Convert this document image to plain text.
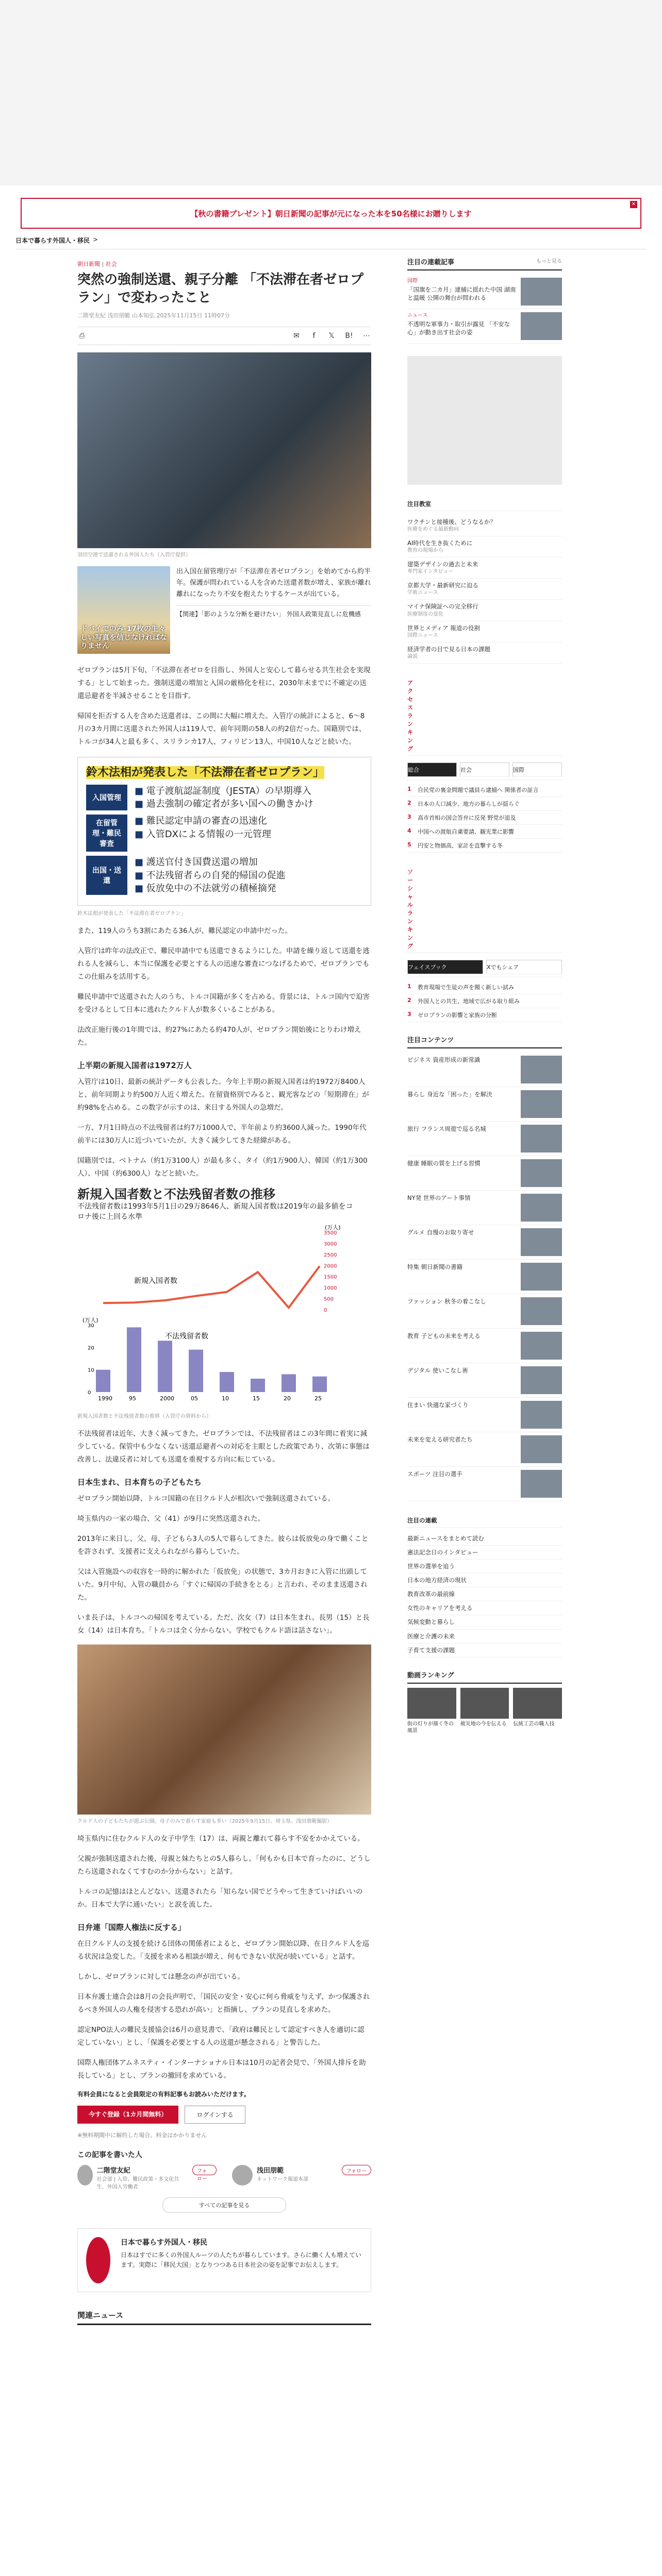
【秋の書籍プレゼント】朝日新聞の記事が元になった本を50名様にお贈りします
✕
日本で暮らす外国人・移民 >
朝日新聞 | 社会
突然の強制送還、親子分離 「不法滞在者ゼロプラン」で変わったこと
二階堂友紀 浅田朋範 山本知弘 2025年11月15日 11時07分
⎙	✉	f	𝕏 B! ⋯
羽田空港で送還される外国人たち（入管庁提供）
ドバイでのみ-17枚の生々しい写真を信じなければなりません
出入国在留管理庁が「不法滞在者ゼロプラン」を始めてから約半年。保護が問われている人を含めた送還者数が増え、家族が離れ離れになったり不安を抱えたりするケースが出ている。
【関連】「影のような分断を避けたい」 外国人政策見直しに危機感

ゼロプランは5月下旬、「不法滞在者ゼロを目指し、外国人と安心して暮らせる共生社会を実現する」として始まった。強制送還の増加と入国の厳格化を柱に、2030年末までに不確定の送還忌避者を半減させることを目指す。

帰国を拒否する人を含めた送還者は、この間に大幅に増えた。入管庁の統計によると、6～8月の3カ月間に送還された外国人は119人で、前年同期の58人の約2倍だった。国籍別では、トルコが34人と最も多く、スリランカ17人、フィリピン13人、中国10人などと続いた。

鈴木法相が発表した「不法滞在者ゼロプラン」
入国管理
■ 電子渡航認証制度（JESTA）の早期導入
■ 過去強制の確定者が多い国への働きかけ
在留管理・難民審査
■ 難民認定申請の審査の迅速化
■ 入管DXによる情報の一元管理
出国・送還
■ 護送官付き国費送還の増加
■ 不法残留者らの自発的帰国の促進
■ 仮放免中の不法就労の積極摘発
鈴木法相が発表した「不法滞在者ゼロプラン」

また、119人のうち3割にあたる36人が、難民認定の申請中だった。

入管庁は昨年の法改正で、難民申請中でも送還できるようにした。申請を繰り返して送還を逃れる人を減らし、本当に保護を必要とする人の迅速な審査につなげるためで、ゼロプランでもこの仕組みを活用する。

難民申請中で送還された人のうち、トルコ国籍が多くを占める。背景には、トルコ国内で迫害を受けるとして日本に逃れたクルド人が数多くいることがある。

法改正施行後の1年間では、約27%にあたる約470人が、ゼロプラン開始後にとりわけ増えた。

上半期の新規入国者は1972万人

入管庁は10日、最新の統計データも公表した。今年上半期の新規入国者は約1972万8400人と、前年同期より約500万人近く増えた。在留資格別でみると、観光客などの「短期滞在」が約98%を占める。この数字が示すのは、来日する外国人の急増だ。

一方、7月1日時点の不法残留者は約7万1000人で、半年前より約3600人減った。1990年代前半には30万人に近づいていたが、大きく減少してきた経緯がある。

国籍別では、ベトナム（約1万3100人）が最も多く、タイ（約1万900人）、韓国（約1万300人）、中国（約6300人）などと続いた。

新規入国者数と不法残留者数の推移
不法残留者数は1993年5月1日の29万8646人、新規入国者数は2019年の最多値をコロナ後に上回る水準
(万人)
0
500
1000
1500
2000
2500
3000
3500
新規入国者数
(万人)
0
10
20
30
不法残留者数
1990	95	2000	05	10	15	20	25
新規入国者数と不法残留者数の推移（入管庁の資料から）

不法残留者は近年、大きく減ってきた。ゼロプランでは、不法残留者はこの3年間に着実に減少している。保管中も少なくない送還忌避者への対応を主眼とした政策であり、次第に事態は改善し、法違反者に対しても送還を重視する方向に転じている。

日本生まれ、日本育ちの子どもたち

ゼロプラン開始以降、トルコ国籍の在日クルド人が相次いで強制送還されている。

埼玉県内の一家の場合、父（41）が9月に突然送還された。

2013年に来日し、父、母、子どもら3人の5人で暮らしてきた。彼らは仮放免の身で働くことを許されず、支援者に支えられながら暮らしていた。

父は入管施設への収容を一時的に解かれた「仮放免」の状態で、3カ月おきに入管に出頭していた。9月中旬、入管の職員から「すぐに帰国の手続きをとる」と言われ、そのまま送還された。

いま長子は、トルコへの帰国を考えている。ただ、次女（7）は日本生まれ。長男（15）と長女（14）は日本育ち。「トルコは全く分からない。学校でもクルド語は話さない」。

クルド人の子どもたちが遊ぶ公園。母子のみで暮らす家庭も多い（2025年9月15日、埼玉県、浅田朋範撮影）

埼玉県内に住むクルド人の女子中学生（17）は、両親と離れて暮らす不安をかかえている。

父親が強制送還された後、母親と妹たちとの5人暮らし。「何もかも日本で育ったのに、どうしたら送還されなくてすむのか分からない」と話す。

トルコの記憶はほとんどない。送還されたら「知らない国でどうやって生きていけばいいのか。日本で大学に通いたい」と涙を流した。

日弁連「国際人権法に反する」

在日クルド人の支援を続ける団体の関係者によると、ゼロプラン開始以降、在日クルド人を巡る状況は急変した。「支援を求める相談が増え、何もできない状況が続いている」と話す。

しかし、ゼロプランに対しては懸念の声が出ている。

日本弁護士連合会は8月の会長声明で、「国民の安全・安心に何ら脅威を与えず、かつ保護されるべき外国人の人権を侵害する恐れが高い」と指摘し、プランの見直しを求めた。

認定NPO法人の難民支援協会は6月の意見書で、「政府は難民として認定すべき人を適切に認定していない」とし、「保護を必要とする人の送還が懸念される」と警告した。

国際人権団体アムネスティ・インターナショナル日本は10月の記者会見で、「外国人排斥を助長している」とし、プランの撤回を求めている。

有料会員になると会員限定の有料記事もお読みいただけます。
今すぐ登録（1カ月間無料）	ログインする
※無料期間中に解約した場合、料金はかかりません
この記事を書いた人
二階堂友紀
社会部 | 入管、難民政策・多文化共生、外国人労働者
フォロー
浅田朋範
ネットワーク報道本部
フォロー
すべての記事を見る
日本で暮らす外国人・移民

日本はすでに多くの外国人ルーツの人たちが暮らしています。さらに働く人も増えています。実際に「移民大国」となりつつある日本社会の姿を記事でお伝えします。

関連ニュース
注目の連載記事	もっと見る
国際
「国旗を二カ月」逮捕に揺れた中国 湖南と温暖 公開の舞台が問われる
ニュース
不透明な軍事力・取引が露見 「不安な心」が動き出す社会の姿
注目教室
ワクチンと接種後、どうなるか？
医療をめぐる最新動向
AI時代を生き抜くために
教育の現場から
建築デザインの過去と未来
専門家インタビュー
京都大学・最新研究に迫る
学術ニュース
マイナ保険証への完全移行
医療制度の変化
世界とメディア 報道の役割
国際ニュース
経済学者の目で見る日本の課題
論説
アクセスランキング
総合	社会	国際
1	自民党の裏金問題で議員ら逮捕へ 関係者の証言
2	日本の人口減少、地方の暮らしが揺らぐ
3	高市首相の国会答弁に反発 野党が追及
4	中国への渡航自粛要請、観光業に影響
5	円安と物価高、家計を直撃する冬
ソーシャルランキング
フェイスブック	Xでもシェア
1	教育現場で生徒の声を聞く新しい試み
2	外国人との共生、地域で広がる取り組み
3	ゼロプランの影響と家族の分断
注目コンテンツ
ビジネス 資産形成の新常識
暮らし 身近な「困った」を解決
旅行 フランス周遊で巡る名城
健康 睡眠の質を上げる習慣
NY発 世界のアート事情
グルメ 自慢のお取り寄せ
特集 朝日新聞の書籍
ファッション 秋冬の着こなし
教育 子どもの未来を考える
デジタル 使いこなし術
住まい 快適な家づくり
未来を変える研究者たち
スポーツ 注目の選手
注目の連載
最新ニュースをまとめて読む
憲法記念日のインタビュー
世界の選挙を追う
日本の地方経済の現状
教育改革の最前線
女性のキャリアを考える
気候変動と暮らし
医療と介護の未来
子育て支援の課題
動画ランキング
街の灯りが描く冬の風景
被災地の今を伝える	伝統工芸の職人技
